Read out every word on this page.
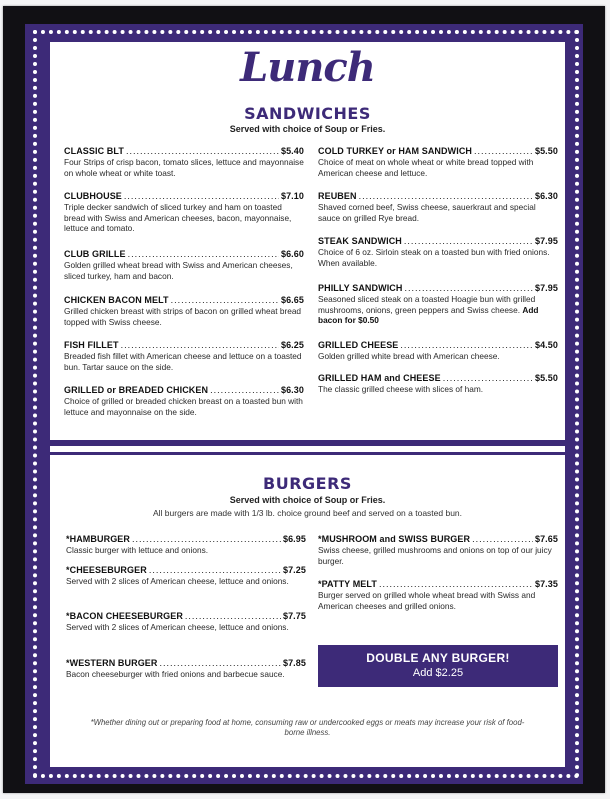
Lunch
SANDWICHES
Served with choice of Soup or Fries.
CLASSIC BLT .....	$5.40
Four Strips of crisp bacon, tomato slices, lettuce and mayonnaise on whole wheat or white toast.
CLUBHOUSE .....	$7.10
Triple decker sandwich of sliced turkey and ham on toasted bread with Swiss and American cheeses, bacon, mayonnaise, lettuce and tomato.
CLUB GRILLE .....	$6.60
Golden grilled wheat bread with Swiss and American cheeses, sliced turkey, ham and bacon.
CHICKEN BACON MELT .....	$6.65
Grilled chicken breast with strips of bacon on grilled wheat bread topped with Swiss cheese.
FISH FILLET .....	$6.25
Breaded fish fillet with American cheese and lettuce on a toasted bun. Tartar sauce on the side.
GRILLED or BREADED CHICKEN .....	$6.30
Choice of grilled or breaded chicken breast on a toasted bun with lettuce and mayonnaise on the side.
COLD TURKEY or HAM SANDWICH .....	$5.50
Choice of meat on whole wheat or white bread topped with American cheese and lettuce.
REUBEN .....	$6.30
Shaved corned beef, Swiss cheese, sauerkraut and special sauce on grilled Rye bread.
STEAK SANDWICH .....	$7.95
Choice of 6 oz. Sirloin steak on a toasted bun with fried onions. When available.
PHILLY SANDWICH .....	$7.95
Seasoned sliced steak on a toasted Hoagie bun with grilled mushrooms, onions, green peppers and Swiss cheese. Add bacon for $0.50
GRILLED CHEESE .....	$4.50
Golden grilled white bread with American cheese.
GRILLED HAM and CHEESE .....	$5.50
The classic grilled cheese with slices of ham.
BURGERS
Served with choice of Soup or Fries.
All burgers are made with 1/3 lb. choice ground beef and served on a toasted bun.
*HAMBURGER .....	$6.95
Classic burger with lettuce and onions.
*CHEESEBURGER .....	$7.25
Served with 2 slices of American cheese, lettuce and onions.
*BACON CHEESEBURGER .....	$7.75
Served with 2 slices of American cheese, lettuce and onions.
*WESTERN BURGER .....	$7.85
Bacon cheeseburger with fried onions and barbecue sauce.
*MUSHROOM and SWISS BURGER .....	$7.65
Swiss cheese, grilled mushrooms and onions on top of our juicy burger.
*PATTY MELT .....	$7.35
Burger served on grilled whole wheat bread with Swiss and American cheeses and grilled onions.
DOUBLE ANY BURGER!
Add $2.25
*Whether dining out or preparing food at home, consuming raw or undercooked eggs or meats may increase your risk of food-borne illness.
